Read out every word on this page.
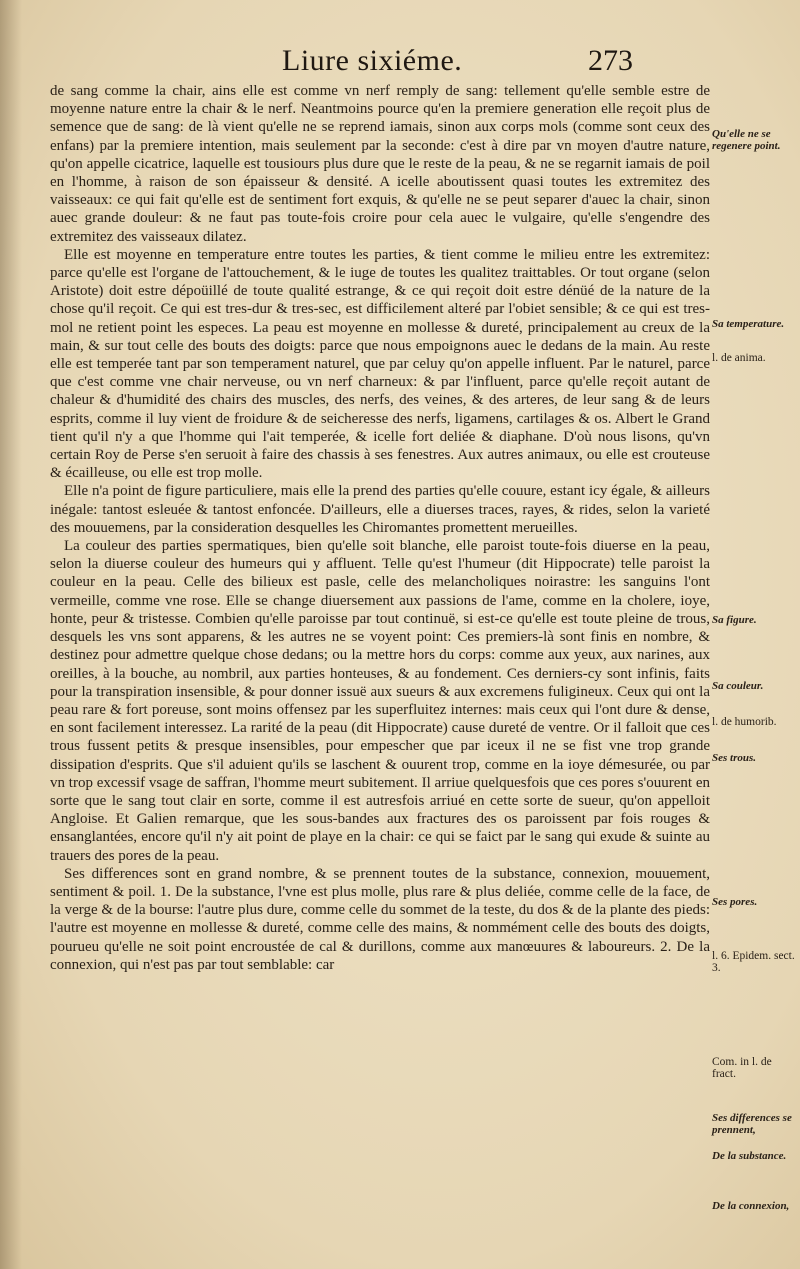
Liure sixiéme.	273

de sang comme la chair, ains elle est comme vn nerf remply de sang: tellement qu'elle semble estre de moyenne nature entre la chair & le nerf. Neantmoins pource qu'en la premiere generation elle reçoit plus de semence que de sang: de là vient qu'elle ne se reprend iamais, sinon aux corps mols (comme sont ceux des enfans) par la premiere intention, mais seulement par la seconde: c'est à dire par vn moyen d'autre nature, qu'on appelle cicatrice, laquelle est tousiours plus dure que le reste de la peau, & ne se regarnit iamais de poil en l'homme, à raison de son épaisseur & densité. A icelle aboutissent quasi toutes les extremitez des vaisseaux: ce qui fait qu'elle est de sentiment fort exquis, & qu'elle ne se peut separer d'auec la chair, sinon auec grande douleur: & ne faut pas toute-fois croire pour cela auec le vulgaire, qu'elle s'engendre des extremitez des vaisseaux dilatez.

Elle est moyenne en temperature entre toutes les parties, & tient comme le milieu entre les extremitez: parce qu'elle est l'organe de l'attouchement, & le iuge de toutes les qualitez traittables. Or tout organe (selon Aristote) doit estre dépoüillé de toute qualité estrange, & ce qui reçoit doit estre dénüé de la nature de la chose qu'il reçoit. Ce qui est tres-dur & tres-sec, est difficilement alteré par l'obiet sensible; & ce qui est tres-mol ne retient point les especes. La peau est moyenne en mollesse & dureté, principalement au creux de la main, & sur tout celle des bouts des doigts: parce que nous empoignons auec le dedans de la main. Au reste elle est temperée tant par son temperament naturel, que par celuy qu'on appelle influent. Par le naturel, parce que c'est comme vne chair nerveuse, ou vn nerf charneux: & par l'influent, parce qu'elle reçoit autant de chaleur & d'humidité des chairs des muscles, des nerfs, des veines, & des arteres, de leur sang & de leurs esprits, comme il luy vient de froidure & de seicheresse des nerfs, ligamens, cartilages & os. Albert le Grand tient qu'il n'y a que l'homme qui l'ait temperée, & icelle fort deliée & diaphane. D'où nous lisons, qu'vn certain Roy de Perse s'en seruoit à faire des chassis à ses fenestres. Aux autres animaux, ou elle est crouteuse & écailleuse, ou elle est trop molle.

Elle n'a point de figure particuliere, mais elle la prend des parties qu'elle couure, estant icy égale, & ailleurs inégale: tantost esleuée & tantost enfoncée. D'ailleurs, elle a diuerses traces, rayes, & rides, selon la varieté des mouuemens, par la consideration desquelles les Chiromantes promettent merueilles.

La couleur des parties spermatiques, bien qu'elle soit blanche, elle paroist toute-fois diuerse en la peau, selon la diuerse couleur des humeurs qui y affluent. Telle qu'est l'humeur (dit Hippocrate) telle paroist la couleur en la peau. Celle des bilieux est pasle, celle des melancholiques noirastre: les sanguins l'ont vermeille, comme vne rose. Elle se change diuersement aux passions de l'ame, comme en la cholere, ioye, honte, peur & tristesse. Combien qu'elle paroisse par tout continuë, si est-ce qu'elle est toute pleine de trous, desquels les vns sont apparens, & les autres ne se voyent point: Ces premiers-là sont finis en nombre, & destinez pour admettre quelque chose dedans; ou la mettre hors du corps: comme aux yeux, aux narines, aux oreilles, à la bouche, au nombril, aux parties honteuses, & au fondement. Ces derniers-cy sont infinis, faits pour la transpiration insensible, & pour donner issuë aux sueurs & aux excremens fuligineux. Ceux qui ont la peau rare & fort poreuse, sont moins offensez par les superfluitez internes: mais ceux qui l'ont dure & dense, en sont facilement interessez. La rarité de la peau (dit Hippocrate) cause dureté de ventre. Or il falloit que ces trous fussent petits & presque insensibles, pour empescher que par iceux il ne se fist vne trop grande dissipation d'esprits. Que s'il aduient qu'ils se laschent & ouurent trop, comme en la ioye démesurée, ou par vn trop excessif vsage de saffran, l'homme meurt subitement. Il arriue quelquesfois que ces pores s'ouurent en sorte que le sang tout clair en sorte, comme il est autresfois arriué en cette sorte de sueur, qu'on appelloit Angloise. Et Galien remarque, que les sous-bandes aux fractures des os paroissent par fois rouges & ensanglantées, encore qu'il n'y ait point de playe en la chair: ce qui se faict par le sang qui exude & suinte au trauers des pores de la peau.

Ses differences sont en grand nombre, & se prennent toutes de la substance, connexion, mouuement, sentiment & poil. 1. De la substance, l'vne est plus molle, plus rare & plus deliée, comme celle de la face, de la verge & de la bourse: l'autre plus dure, comme celle du sommet de la teste, du dos & de la plante des pieds: l'autre est moyenne en mollesse & dureté, comme celle des mains, & nommément celle des bouts des doigts, pourueu qu'elle ne soit point encroustée de cal & durillons, comme aux manœuures & laboureurs. 2. De la connexion, qui n'est pas par tout semblable: car

Qu'elle ne se regenere point.
Sa temperature.
l. de anima.
Sa figure.
Sa couleur.
l. de humorib.
Ses trous.
Ses pores.
l. 6. Epidem. sect. 3.
Com. in l. de fract.
Ses differences se prennent,
De la substance.
De la connexion,
